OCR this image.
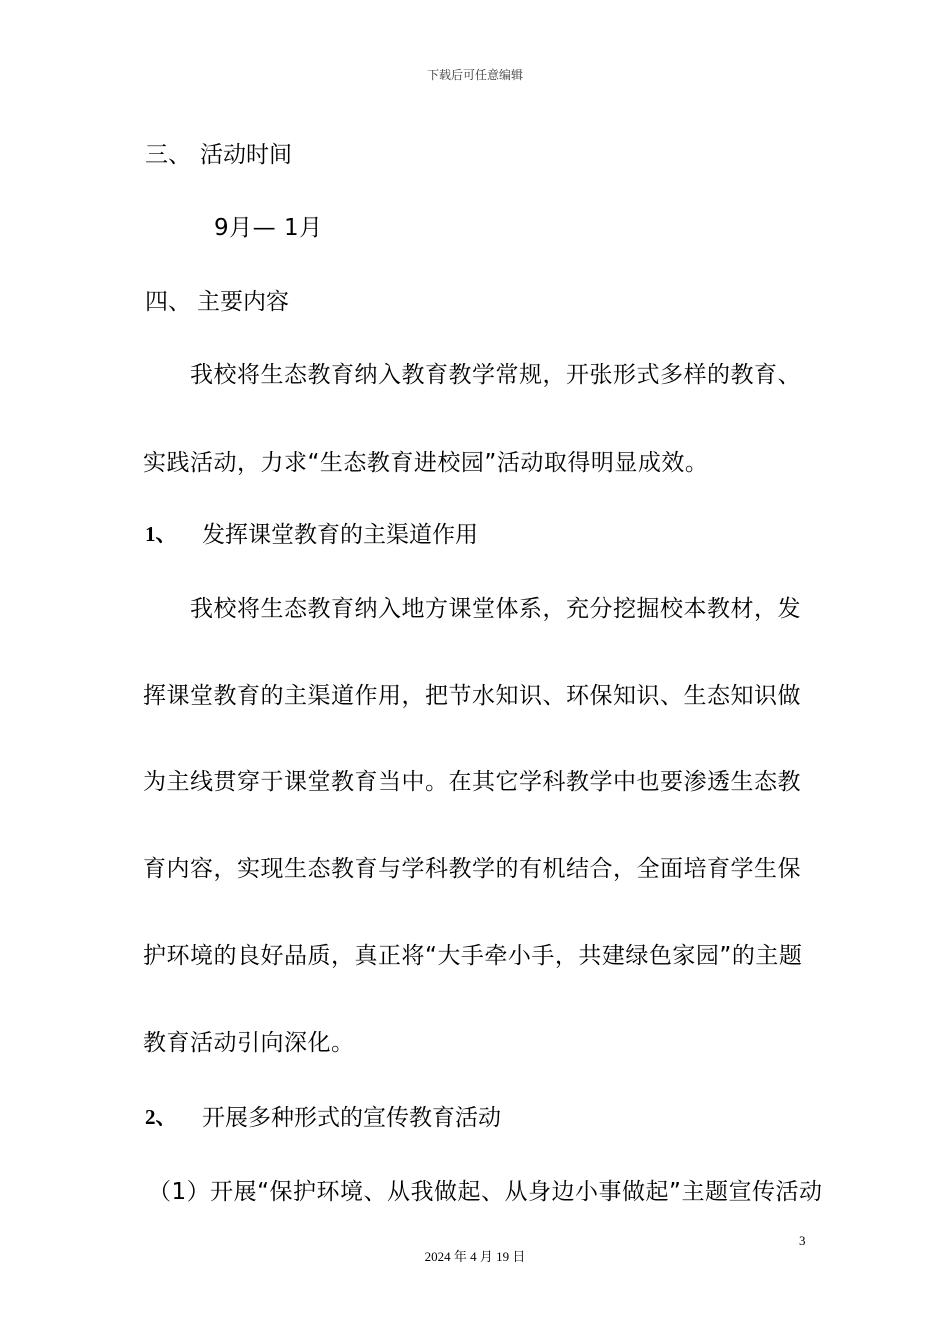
下载后可任意编辑
三、 活动时间
9月— 1月
四、 主要内容
我校将生态教育纳入教育教学常规，开张形式多样的教育、
实践活动，力求“生态教育进校园”活动取得明显成效。
1、 发挥课堂教育的主渠道作用
我校将生态教育纳入地方课堂体系，充分挖掘校本教材，发
挥课堂教育的主渠道作用，把节水知识、环保知识、生态知识做
为主线贯穿于课堂教育当中。在其它学科教学中也要渗透生态教
育内容，实现生态教育与学科教学的有机结合，全面培育学生保
护环境的良好品质，真正将“大手牵小手，共建绿色家园”的主题
教育活动引向深化。
2、 开展多种形式的宣传教育活动
（1）开展“保护环境、从我做起、从身边小事做起”主题宣传活动
3
2024 年 4 月 19 日
